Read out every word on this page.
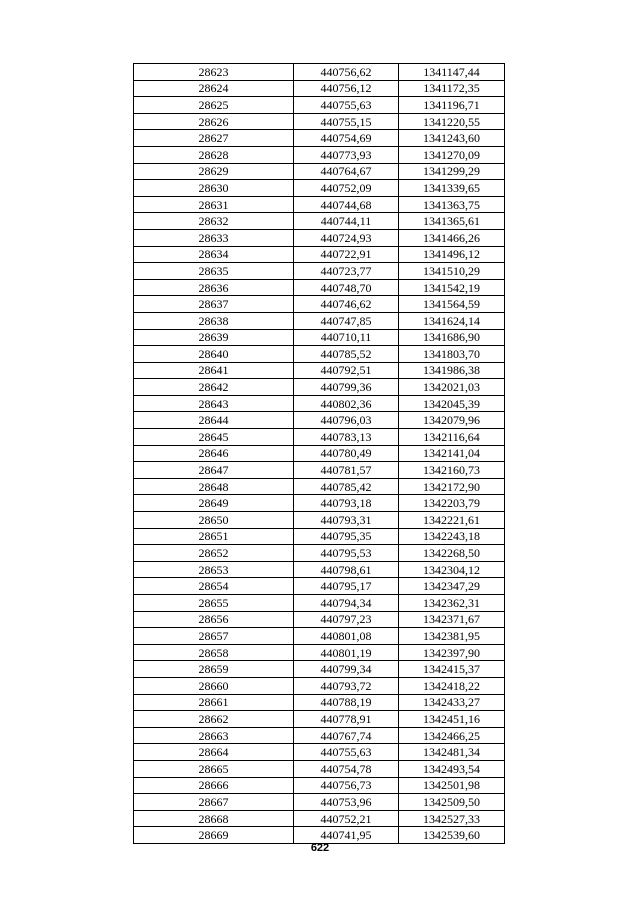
28623	440756,62	1341147,44
28624	440756,12	1341172,35
28625	440755,63	1341196,71
28626	440755,15	1341220,55
28627	440754,69	1341243,60
28628	440773,93	1341270,09
28629	440764,67	1341299,29
28630	440752,09	1341339,65
28631	440744,68	1341363,75
28632	440744,11	1341365,61
28633	440724,93	1341466,26
28634	440722,91	1341496,12
28635	440723,77	1341510,29
28636	440748,70	1341542,19
28637	440746,62	1341564,59
28638	440747,85	1341624,14
28639	440710,11	1341686,90
28640	440785,52	1341803,70
28641	440792,51	1341986,38
28642	440799,36	1342021,03
28643	440802,36	1342045,39
28644	440796,03	1342079,96
28645	440783,13	1342116,64
28646	440780,49	1342141,04
28647	440781,57	1342160,73
28648	440785,42	1342172,90
28649	440793,18	1342203,79
28650	440793,31	1342221,61
28651	440795,35	1342243,18
28652	440795,53	1342268,50
28653	440798,61	1342304,12
28654	440795,17	1342347,29
28655	440794,34	1342362,31
28656	440797,23	1342371,67
28657	440801,08	1342381,95
28658	440801,19	1342397,90
28659	440799,34	1342415,37
28660	440793,72	1342418,22
28661	440788,19	1342433,27
28662	440778,91	1342451,16
28663	440767,74	1342466,25
28664	440755,63	1342481,34
28665	440754,78	1342493,54
28666	440756,73	1342501,98
28667	440753,96	1342509,50
28668	440752,21	1342527,33
28669	440741,95	1342539,60
622
